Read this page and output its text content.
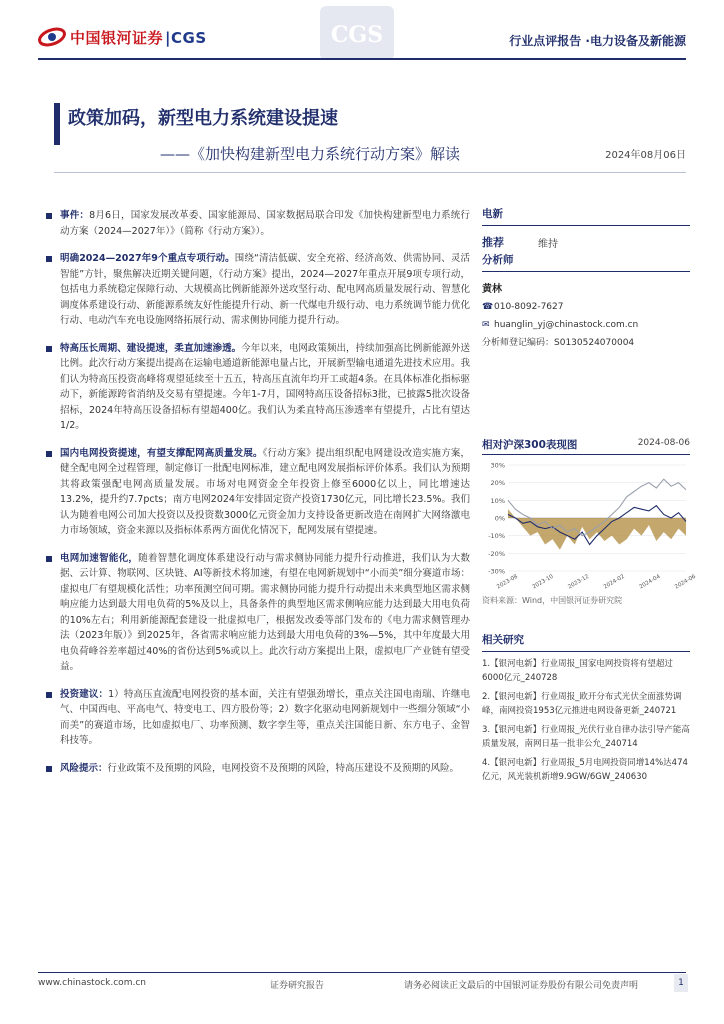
中国银河证券 |CGS	CGS	行业点评报告 ·电力设备及新能源
政策加码，新型电力系统建设提速
——《加快构建新型电力系统行动方案》解读	2024年08月06日
事件：8月6日，国家发展改革委、国家能源局、国家数据局联合印发《加快构建新型电力系统行动方案（2024—2027年）》（简称《行动方案》）。
明确2024—2027年9个重点专项行动。围绕“清洁低碳、安全充裕、经济高效、供需协同、灵活智能”方针，聚焦解决近期关键问题，《行动方案》提出，2024—2027年重点开展9项专项行动，包括电力系统稳定保障行动、大规模高比例新能源外送攻坚行动、配电网高质量发展行动、智慧化调度体系建设行动、新能源系统友好性能提升行动、新一代煤电升级行动、电力系统调节能力优化行动、电动汽车充电设施网络拓展行动、需求侧协同能力提升行动。
特高压长周期、建设提速，柔直加速渗透。今年以来，电网政策频出，持续加强高比例新能源外送比例。此次行动方案提出提高在运输电通道新能源电量占比，开展新型输电通道先进技术应用。我们认为特高压投资高峰将观望延续至十五五，特高压直流年均开工或超4条。在具体标准化指标驱动下，新能源跨省消纳及交易有望提速。今年1-7月，国网特高压设备招标3批，已披露5批次设备招标，2024年特高压设备招标有望超400亿。我们认为柔直特高压渗透率有望提升，占比有望达1/2。
国内电网投资提速，有望支撑配网高质量发展。《行动方案》提出组织配电网建设改造实施方案，健全配电网全过程管理，制定修订一批配电网标准，建立配电网发展指标评价体系。我们认为预期其将政策强配电网高质量发展。市场对电网资金全年投资上修至6000亿以上，同比增速达13.2%，提升约7.7pcts；南方电网2024年安排固定资产投资1730亿元，同比增长23.5%。我们认为随着电网公司加大投资以及投资数3000亿元资金加力支持设备更新改造在南网扩大网络激电力市场领域，资金来源以及指标体系两方面优化情况下，配网发展有望提速。
电网加速智能化，随着智慧化调度体系建设行动与需求侧协同能力提升行动推进，我们认为大数据、云计算、物联网、区块链、AI等新技术将加速，有望在电网新规划中“小而美”细分赛道市场：虚拟电厂有望规模化活性；功率预测空间可期。需求侧协同能力提升行动提出未来典型地区需求侧响应能力达到最大用电负荷的5%及以上，具备条件的典型地区需求侧响应能力达到最大用电负荷的10%左右；利用新能源配套建设一批虚拟电厂，根据发改委等部门发布的《电力需求侧管理办法（2023年版）》到2025年，各省需求响应能力达到最大用电负荷的3%—5%，其中年度最大用电负荷峰谷差率超过40%的省份达到5%或以上。此次行动方案提出上限，虚拟电厂产业链有望受益。
投资建议：1）特高压直流配电网投资的基本面，关注有望强劲增长，重点关注国电南瑞、许继电气、中国西电、平高电气、特变电工、四方股份等；2）数字化驱动电网新规划中一些细分领域“小而美”的赛道市场，比如虚拟电厂、功率预测、数字孪生等，重点关注国能日新、东方电子、金智科技等。
风险提示：行业政策不及预期的风险，电网投资不及预期的风险，特高压建设不及预期的风险。
电新
推荐	维持
分析师
黄林
☎010-8092-7627
✉ huanglin_yj@chinastock.com.cn
分析师登记编码：S0130524070004
相对沪深300表现图	2024-08-06
30%
20%
10%
0%
-10%
-20%
-30%
2023-08 2023-10 2023-12 2024-02 2024-04 2024-06
资料来源：Wind，中国银河证券研究院
相关研究
1.【银河电新】行业周报_国家电网投资将有望超过6000亿元_240728
2.【银河电新】行业周报_欧开分布式光伏全面涨势调峰，南网投资1953亿元推进电网设备更新_240721
3.【银河电新】行业周报_光伏行业自律办法引导产能高质量发展，南网日基一批非公允_240714
4.【银河电新】行业周报_5月电网投资同增14%达474亿元，风光装机新增9.9GW/6GW_240630
www.chinastock.com.cn	证券研究报告	请务必阅读正文最后的中国银河证券股份有限公司免责声明	1
